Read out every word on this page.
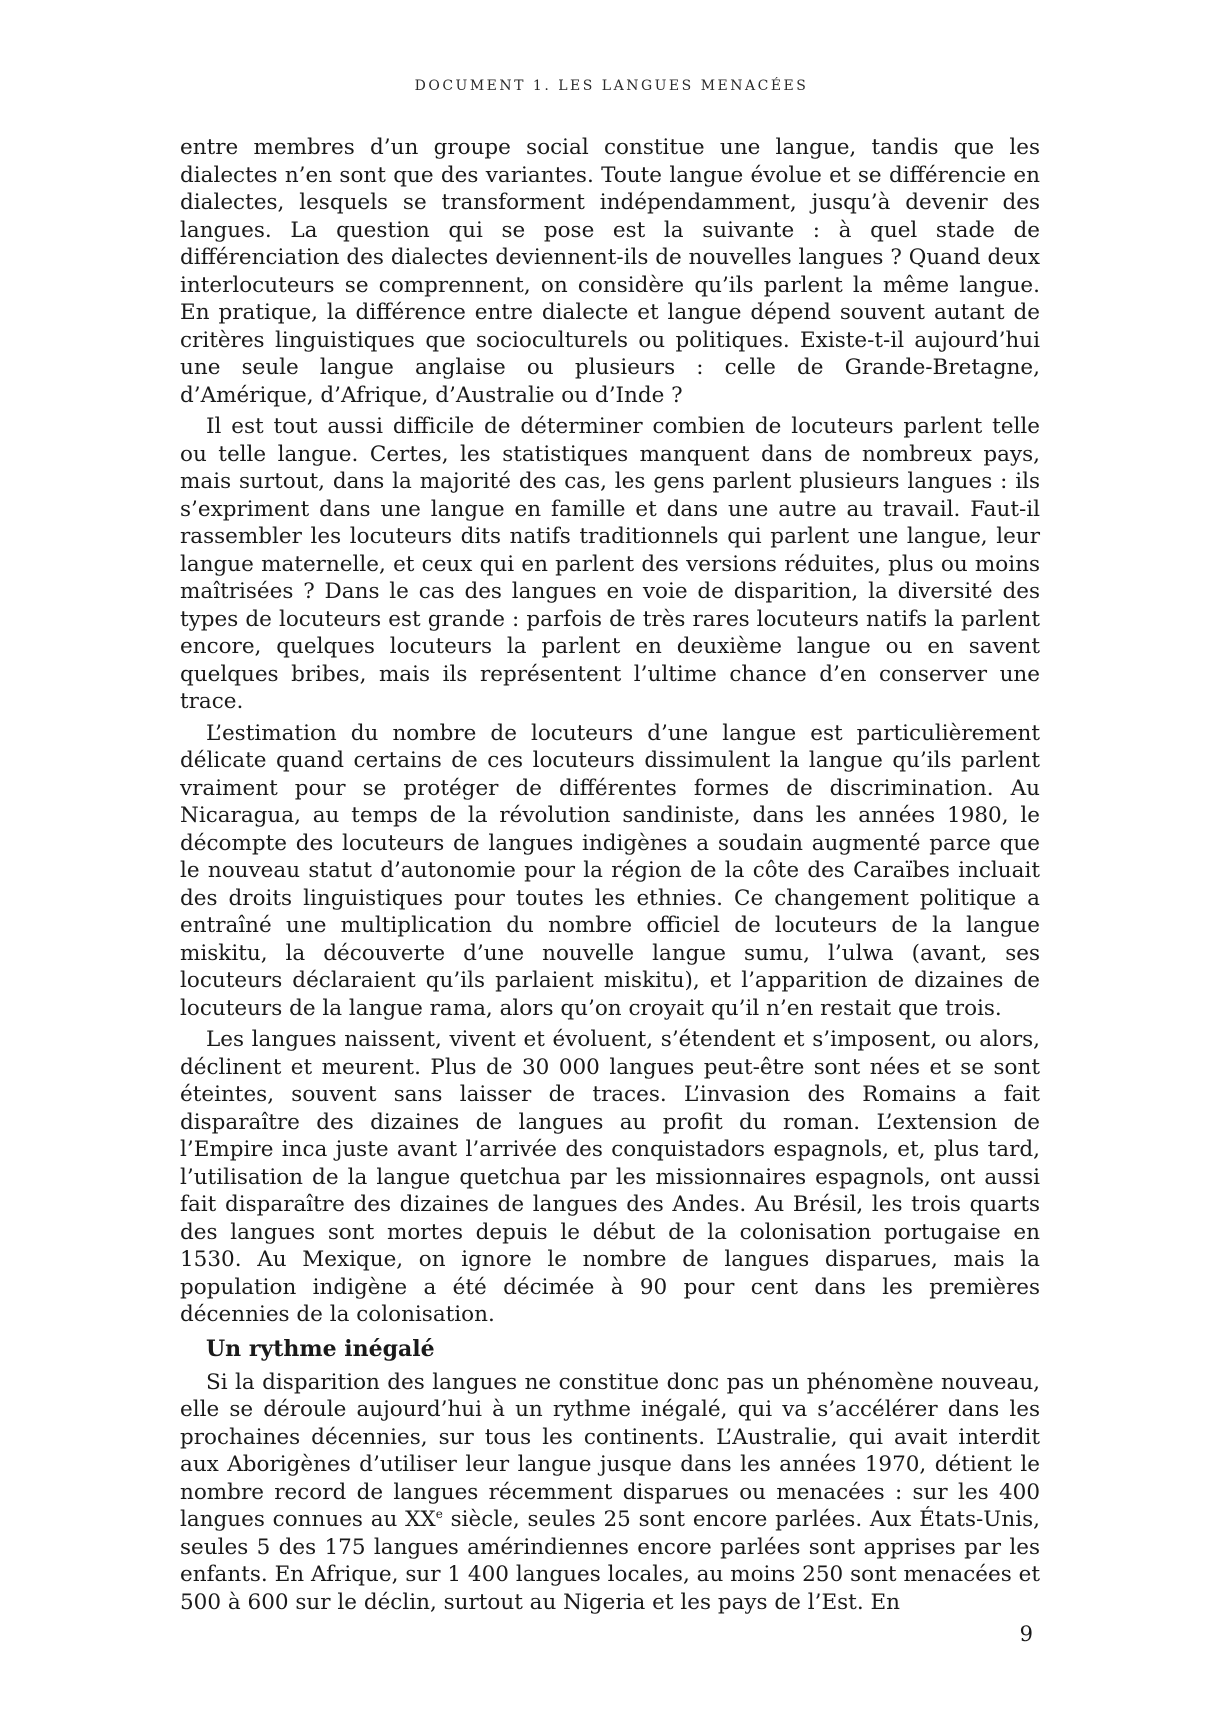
DOCUMENT 1. LES LANGUES MENACÉES

entre membres d’un groupe social constitue une langue, tandis que les dialectes n’en sont que des variantes. Toute langue évolue et se différencie en dialectes, lesquels se transforment indépendamment, jusqu’à devenir des langues. La question qui se pose est la suivante : à quel stade de différenciation des dialectes deviennent-ils de nouvelles langues ? Quand deux interlocuteurs se comprennent, on considère qu’ils parlent la même langue. En pratique, la différence entre dialecte et langue dépend souvent autant de critères linguistiques que socioculturels ou politiques. Existe-t-il aujourd’hui une seule langue anglaise ou plusieurs : celle de Grande-Bretagne, d’Amérique, d’Afrique, d’Australie ou d’Inde ?

Il est tout aussi difficile de déterminer combien de locuteurs parlent telle ou telle langue. Certes, les statistiques manquent dans de nombreux pays, mais surtout, dans la majorité des cas, les gens parlent plusieurs langues : ils s’expriment dans une langue en famille et dans une autre au travail. Faut-il rassembler les locuteurs dits natifs traditionnels qui parlent une langue, leur langue maternelle, et ceux qui en parlent des versions réduites, plus ou moins maîtrisées ? Dans le cas des langues en voie de disparition, la diversité des types de locuteurs est grande : parfois de très rares locuteurs natifs la parlent encore, quelques locuteurs la parlent en deuxième langue ou en savent quelques bribes, mais ils représentent l’ultime chance d’en conserver une trace.

L’estimation du nombre de locuteurs d’une langue est particulièrement délicate quand certains de ces locuteurs dissimulent la langue qu’ils parlent vraiment pour se protéger de différentes formes de discrimination. Au Nicaragua, au temps de la révolution sandiniste, dans les années 1980, le décompte des locuteurs de langues indigènes a soudain augmenté parce que le nouveau statut d’autonomie pour la région de la côte des Caraïbes incluait des droits linguistiques pour toutes les ethnies. Ce changement politique a entraîné une multiplication du nombre officiel de locuteurs de la langue miskitu, la découverte d’une nouvelle langue sumu, l’ulwa (avant, ses locuteurs déclaraient qu’ils parlaient miskitu), et l’apparition de dizaines de locuteurs de la langue rama, alors qu’on croyait qu’il n’en restait que trois.

Les langues naissent, vivent et évoluent, s’étendent et s’imposent, ou alors, déclinent et meurent. Plus de 30 000 langues peut-être sont nées et se sont éteintes, souvent sans laisser de traces. L’invasion des Romains a fait disparaître des dizaines de langues au profit du roman. L’extension de l’Empire inca juste avant l’arrivée des conquistadors espagnols, et, plus tard, l’utilisation de la langue quetchua par les missionnaires espagnols, ont aussi fait disparaître des dizaines de langues des Andes. Au Brésil, les trois quarts des langues sont mortes depuis le début de la colonisation portugaise en 1530. Au Mexique, on ignore le nombre de langues disparues, mais la population indigène a été décimée à 90 pour cent dans les premières décennies de la colonisation.

Un rythme inégalé

Si la disparition des langues ne constitue donc pas un phénomène nouveau, elle se déroule aujourd’hui à un rythme inégalé, qui va s’accélérer dans les prochaines décennies, sur tous les continents. L’Australie, qui avait interdit aux Aborigènes d’utiliser leur langue jusque dans les années 1970, détient le nombre record de langues récemment disparues ou menacées : sur les 400 langues connues au XXe siècle, seules 25 sont encore parlées. Aux États-Unis, seules 5 des 175 langues amérindiennes encore parlées sont apprises par les enfants. En Afrique, sur 1 400 langues locales, au moins 250 sont menacées et 500 à 600 sur le déclin, surtout au Nigeria et les pays de l’Est. En

9
